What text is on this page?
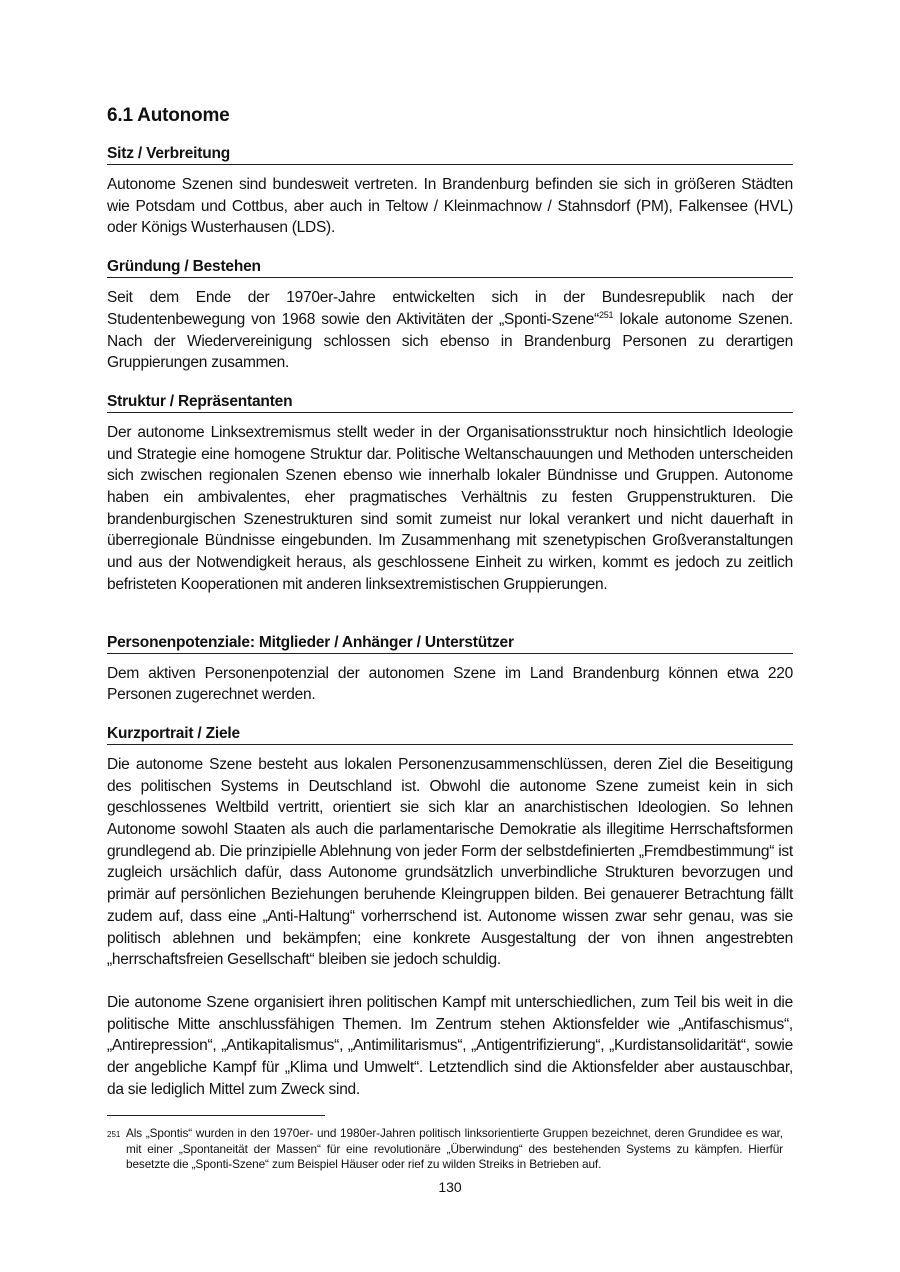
6.1 Autonome
Sitz / Verbreitung

Autonome Szenen sind bundesweit vertreten. In Brandenburg befinden sie sich in größeren Städten wie Potsdam und Cottbus, aber auch in Teltow / Kleinmachnow / Stahnsdorf (PM), Falkensee (HVL) oder Königs Wusterhausen (LDS).

Gründung / Bestehen

Seit dem Ende der 1970er-Jahre entwickelten sich in der Bundesrepublik nach der Studentenbewegung von 1968 sowie den Aktivitäten der „Sponti-Szene“$^{251}$ lokale autonome Szenen. Nach der Wiedervereinigung schlossen sich ebenso in Brandenburg Personen zu derartigen Gruppierungen zusammen.

Struktur / Repräsentanten

Der autonome Linksextremismus stellt weder in der Organisationsstruktur noch hinsichtlich Ideologie und Strategie eine homogene Struktur dar. Politische Weltanschauungen und Methoden unterscheiden sich zwischen regionalen Szenen ebenso wie innerhalb lokaler Bündnisse und Gruppen. Autonome haben ein ambivalentes, eher pragmatisches Verhältnis zu festen Gruppenstrukturen. Die brandenburgischen Szenestrukturen sind somit zumeist nur lokal verankert und nicht dauerhaft in überregionale Bündnisse eingebunden. Im Zusammenhang mit szenetypischen Großveranstaltungen und aus der Notwendigkeit heraus, als geschlossene Einheit zu wirken, kommt es jedoch zu zeitlich befristeten Kooperationen mit anderen linksextremistischen Gruppierungen.

Personenpotenziale: Mitglieder / Anhänger / Unterstützer

Dem aktiven Personenpotenzial der autonomen Szene im Land Brandenburg können etwa 220 Personen zugerechnet werden.

Kurzportrait / Ziele

Die autonome Szene besteht aus lokalen Personenzusammenschlüssen, deren Ziel die Beseitigung des politischen Systems in Deutschland ist. Obwohl die autonome Szene zumeist kein in sich geschlossenes Weltbild vertritt, orientiert sie sich klar an anarchistischen Ideologien. So lehnen Autonome sowohl Staaten als auch die parlamentarische Demokratie als illegitime Herrschaftsformen grundlegend ab. Die prinzipielle Ablehnung von jeder Form der selbstdefinierten „Fremdbestimmung“ ist zugleich ursächlich dafür, dass Autonome grundsätzlich unverbindliche Strukturen bevorzugen und primär auf persönlichen Beziehungen beruhende Kleingruppen bilden. Bei genauerer Betrachtung fällt zudem auf, dass eine „Anti-Haltung“ vorherrschend ist. Autonome wissen zwar sehr genau, was sie politisch ablehnen und bekämpfen; eine konkrete Ausgestaltung der von ihnen angestrebten „herrschaftsfreien Gesellschaft“ bleiben sie jedoch schuldig.

Die autonome Szene organisiert ihren politischen Kampf mit unterschiedlichen, zum Teil bis weit in die politische Mitte anschlussfähigen Themen. Im Zentrum stehen Aktionsfelder wie „Antifaschismus“, „Antirepression“, „Antikapitalismus“, „Antimilitarismus“, „Antigentrifizierung“, „Kurdistansolidarität“, sowie der angebliche Kampf für „Klima und Umwelt“. Letztendlich sind die Aktionsfelder aber austauschbar, da sie lediglich Mittel zum Zweck sind.

251 Als „Spontis“ wurden in den 1970er- und 1980er-Jahren politisch linksorientierte Gruppen bezeichnet, deren Grundidee es war, mit einer „Spontaneität der Massen“ für eine revolutionäre „Überwindung“ des bestehenden Systems zu kämpfen. Hierfür besetzte die „Sponti-Szene“ zum Beispiel Häuser oder rief zu wilden Streiks in Betrieben auf.
130
